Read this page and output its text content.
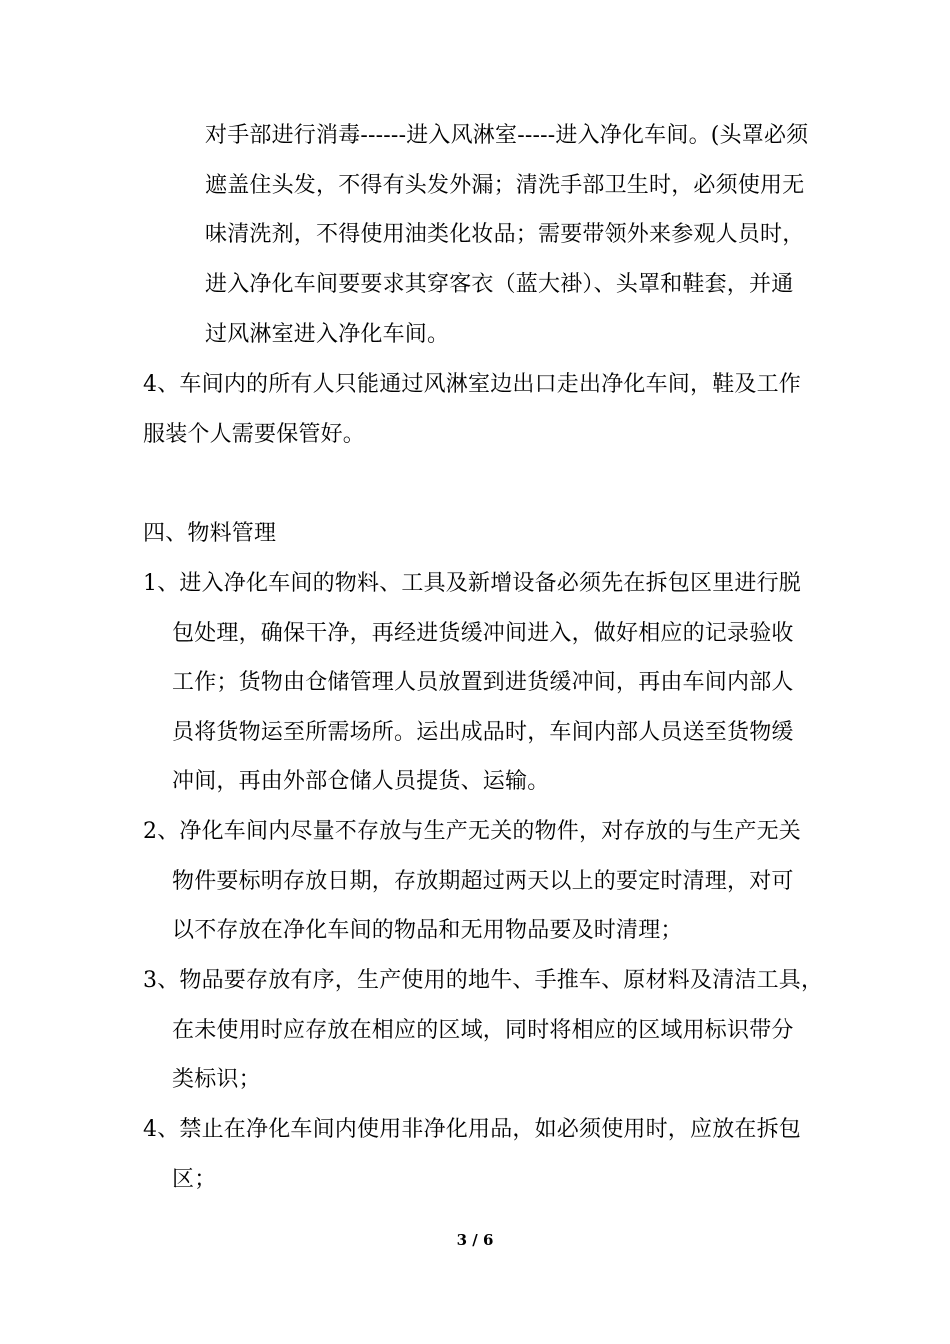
对手部进行消毒------进入风淋室-----进入净化车间。(头罩必须
遮盖住头发，不得有头发外漏；清洗手部卫生时，必须使用无
味清洗剂，不得使用油类化妆品；需要带领外来参观人员时，
进入净化车间要要求其穿客衣（蓝大褂）、头罩和鞋套，并通
过风淋室进入净化车间。
4、车间内的所有人只能通过风淋室边出口走出净化车间，鞋及工作
服装个人需要保管好。
四、物料管理
1、进入净化车间的物料、工具及新增设备必须先在拆包区里进行脱
包处理，确保干净，再经进货缓冲间进入，做好相应的记录验收
工作；货物由仓储管理人员放置到进货缓冲间，再由车间内部人
员将货物运至所需场所。运出成品时，车间内部人员送至货物缓
冲间，再由外部仓储人员提货、运输。
2、净化车间内尽量不存放与生产无关的物件，对存放的与生产无关
物件要标明存放日期，存放期超过两天以上的要定时清理，对可
以不存放在净化车间的物品和无用物品要及时清理；
3、物品要存放有序，生产使用的地牛、手推车、原材料及清洁工具，
在未使用时应存放在相应的区域，同时将相应的区域用标识带分
类标识；
4、禁止在净化车间内使用非净化用品，如必须使用时，应放在拆包
区；
3 / 6
